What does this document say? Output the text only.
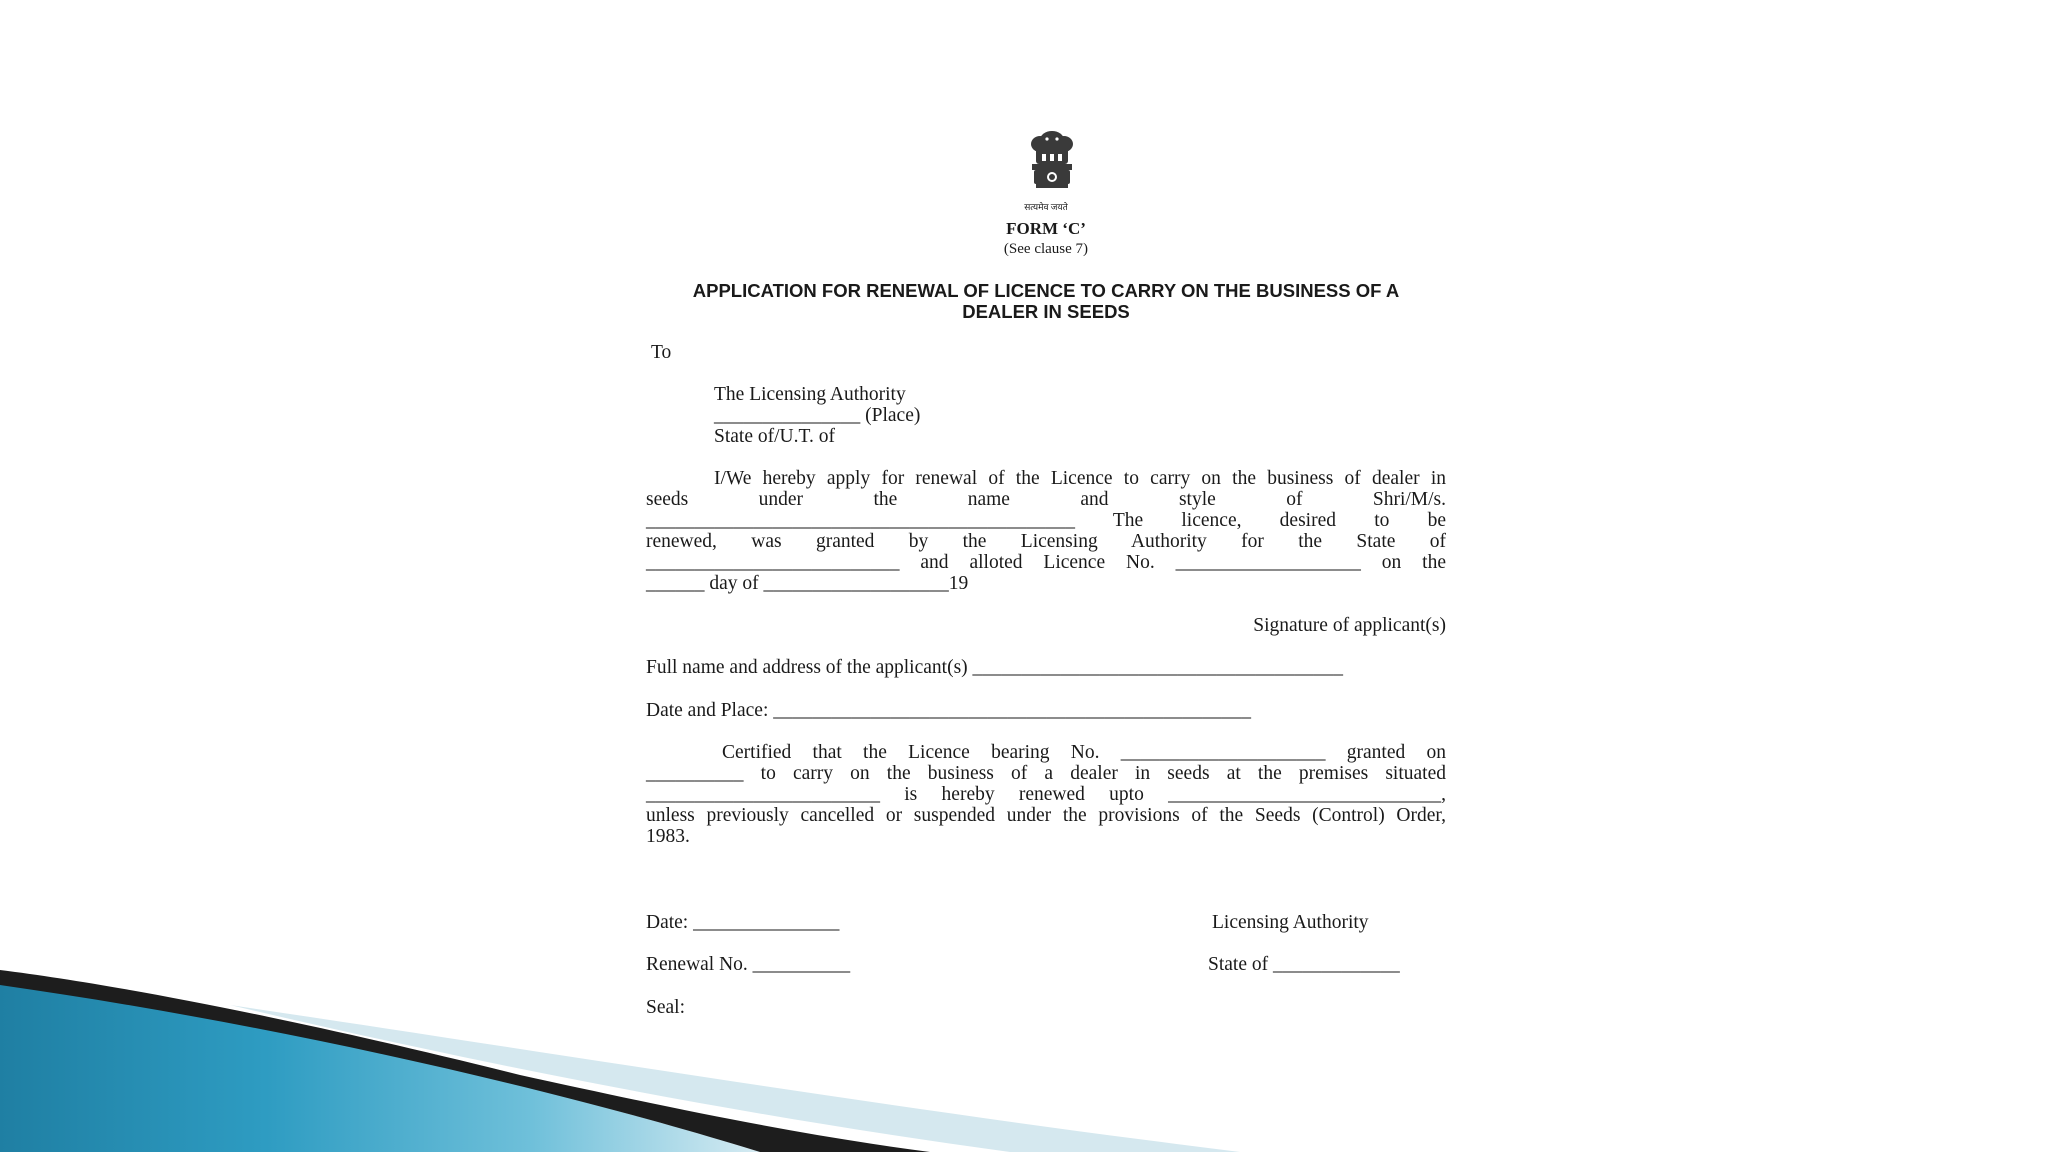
सत्यमेव जयते
FORM ‘C’
(See clause 7)
APPLICATION FOR RENEWAL OF LICENCE TO CARRY ON THE BUSINESS OF A
DEALER IN SEEDS
To
The Licensing Authority
_______________ (Place)
State of/U.T. of
I/We hereby apply for renewal of the Licence to carry on the business of dealer in
seeds under the name and style of Shri/M/s.
____________________________________________ The licence, desired to be
renewed, was granted by the Licensing Authority for the State of
__________________________ and alloted Licence No. ___________________ on the
______ day of ___________________19
Signature of applicant(s)
Full name and address of the applicant(s) ______________________________________
Date and Place: _________________________________________________
Certified that the Licence bearing No. _____________________ granted on
__________ to carry on the business of a dealer in seeds at the premises situated
________________________ is hereby renewed upto ____________________________,
unless previously cancelled or suspended under the provisions of the Seeds (Control) Order,
1983.
Date: _______________	Licensing Authority
Renewal No. __________	State of _____________
Seal:
